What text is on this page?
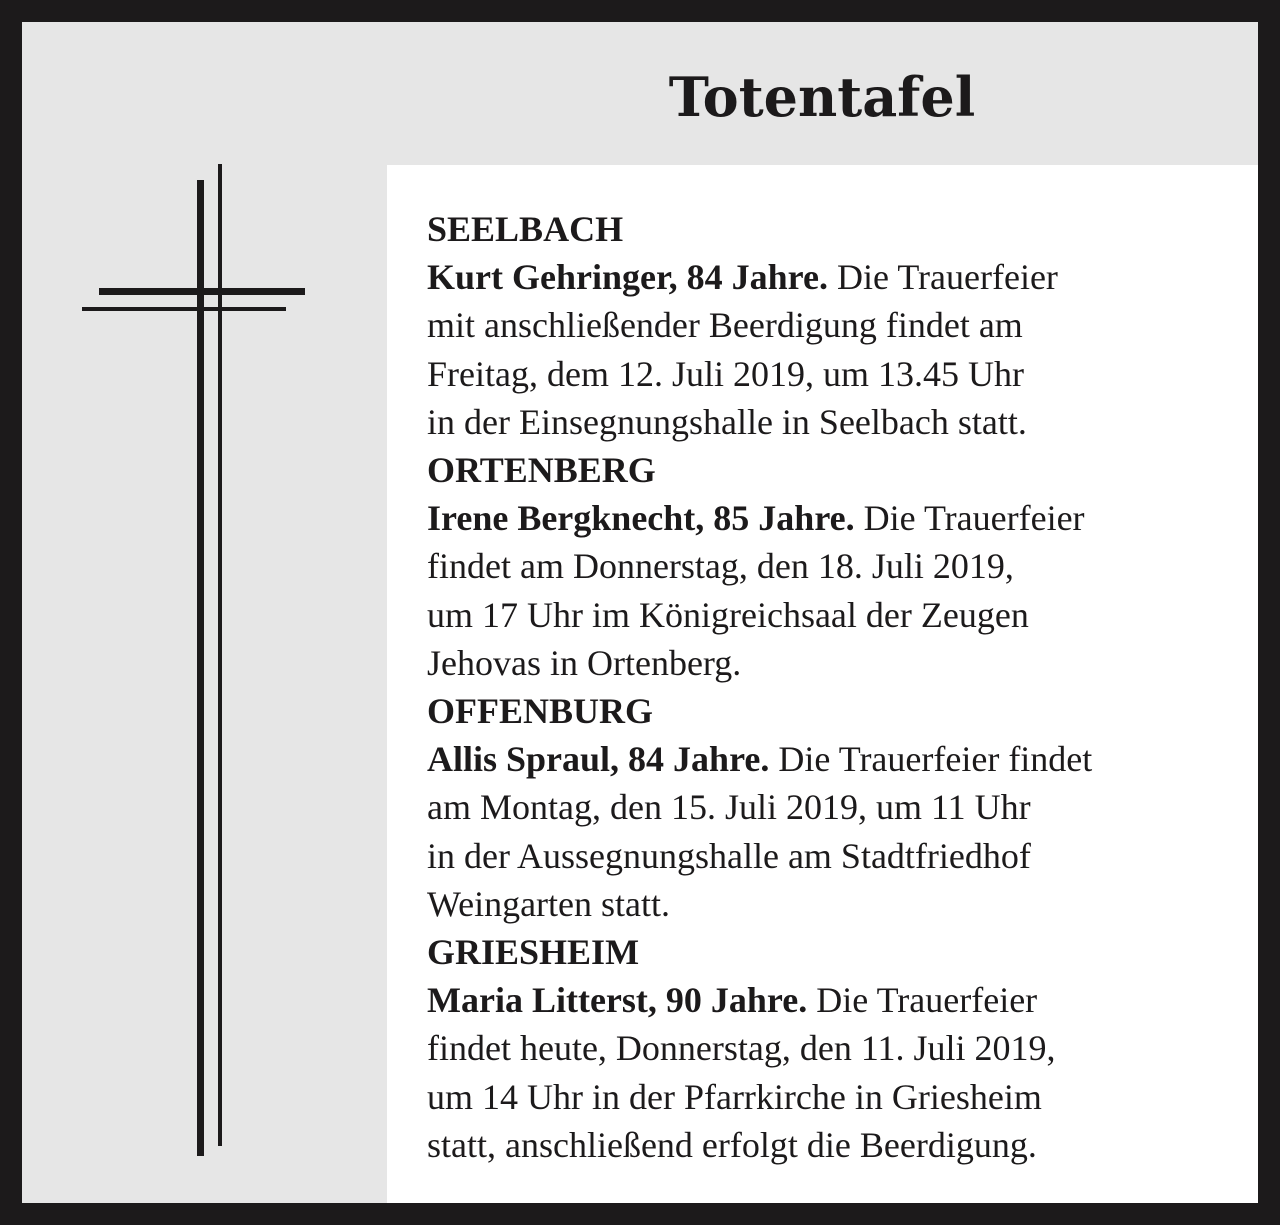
Totentafel
SEELBACH
Kurt Gehringer, 84 Jahre. Die Trauerfeier
mit anschließender Beerdigung findet am
Freitag, dem 12. Juli 2019, um 13.45 Uhr
in der Einsegnungshalle in Seelbach statt.
ORTENBERG
Irene Bergknecht, 85 Jahre. Die Trauerfeier
findet am Donnerstag, den 18. Juli 2019,
um 17 Uhr im Königreichsaal der Zeugen
Jehovas in Ortenberg.
OFFENBURG
Allis Spraul, 84 Jahre. Die Trauerfeier findet
am Montag, den 15. Juli 2019, um 11 Uhr
in der Aussegnungshalle am Stadtfriedhof
Weingarten statt.
GRIESHEIM
Maria Litterst, 90 Jahre. Die Trauerfeier
findet heute, Donnerstag, den 11. Juli 2019,
um 14 Uhr in der Pfarrkirche in Griesheim
statt, anschließend erfolgt die Beerdigung.
